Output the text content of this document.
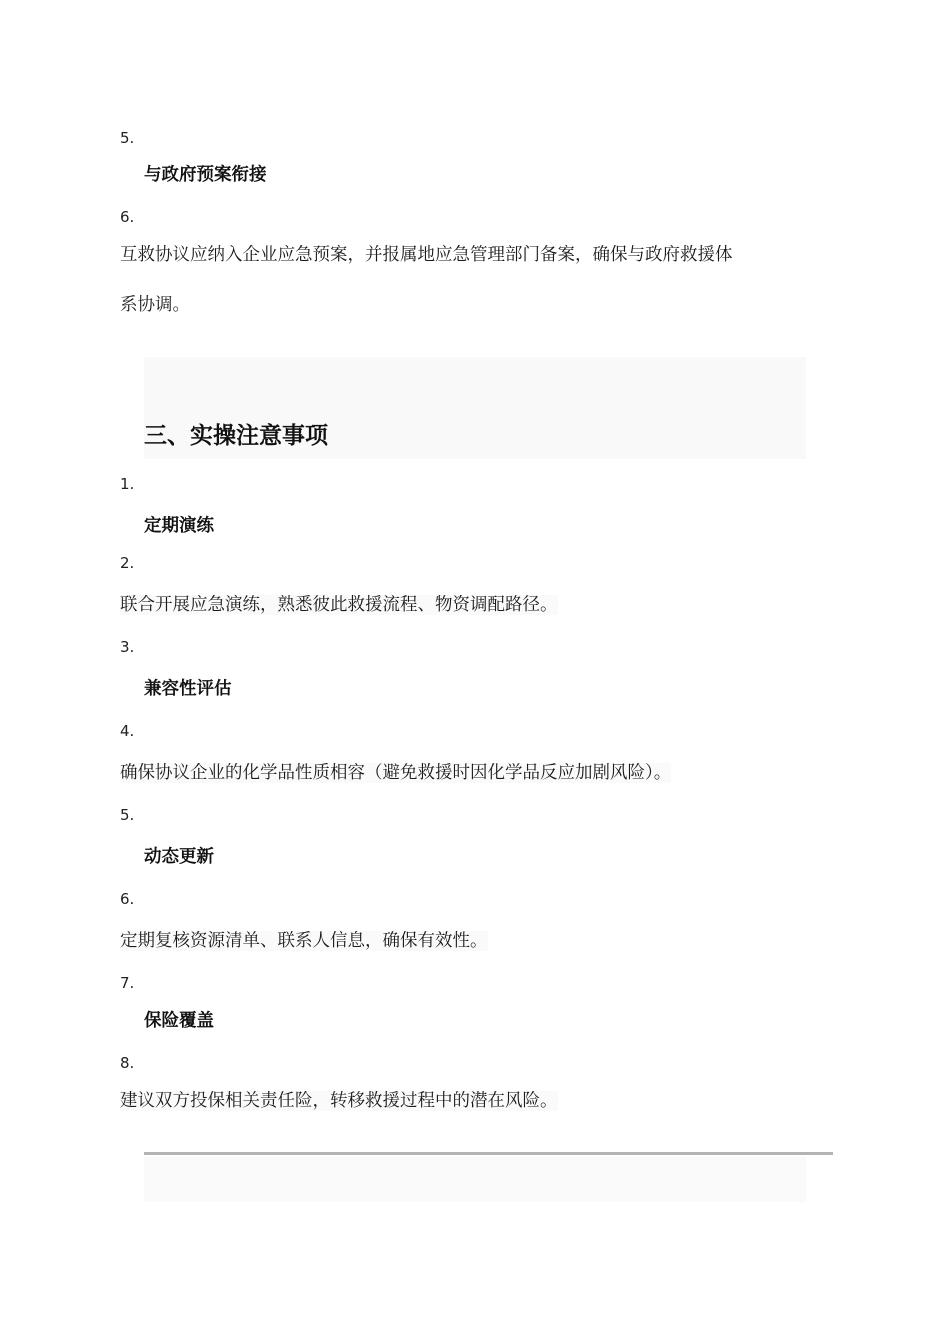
5.
与政府预案衔接
6.
互救协议应纳入企业应急预案，并报属地应急管理部门备案，确保与政府救援体
系协调。
三、实操注意事项
1.
定期演练
2.
联合开展应急演练，熟悉彼此救援流程、物资调配路径。
3.
兼容性评估
4.
确保协议企业的化学品性质相容（避免救援时因化学品反应加剧风险）。
5.
动态更新
6.
定期复核资源清单、联系人信息，确保有效性。
7.
保险覆盖
8.
建议双方投保相关责任险，转移救援过程中的潜在风险。
